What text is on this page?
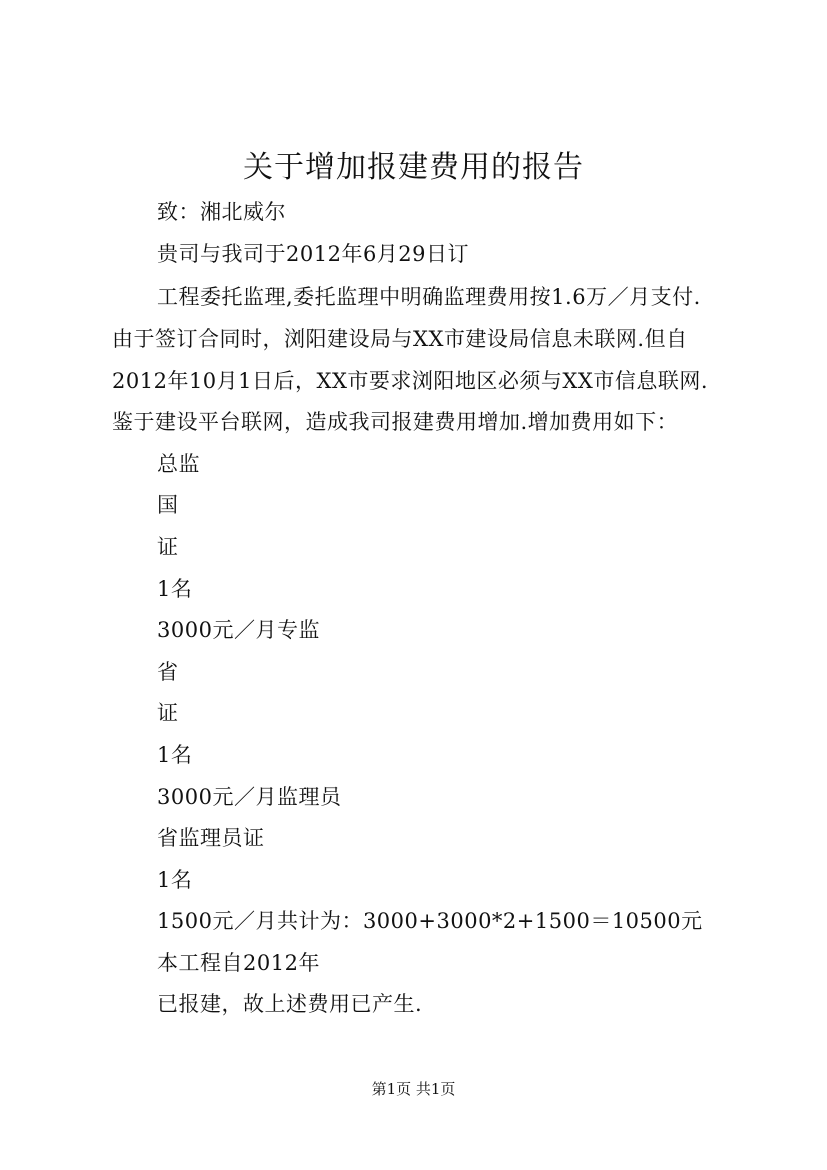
关于增加报建费用的报告
致：湘北威尔
贵司与我司于2012年6月29日订
工程委托监理,委托监理中明确监理费用按1.6万／月支付.
由于签订合同时，浏阳建设局与XX市建设局信息未联网.但自
2012年10月1日后，XX市要求浏阳地区必须与XX市信息联网.
鉴于建设平台联网，造成我司报建费用增加.增加费用如下：
总监
国
证
1名
3000元／月专监
省
证
1名
3000元／月监理员
省监理员证
1名
1500元／月共计为：3000+3000*2+1500＝10500元
本工程自2012年
已报建，故上述费用已产生.
第1页 共1页
